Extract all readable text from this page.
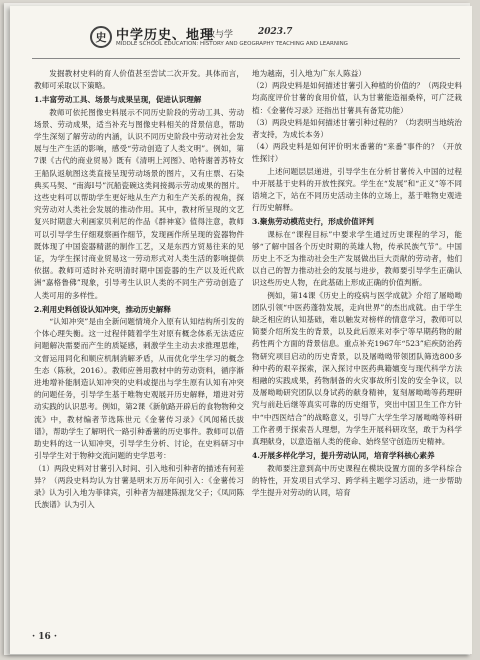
史 中学历史、地理
教与学	2023.7
MIDDLE SCHOOL EDUCATION: HISTORY AND GEOGRAPHY TEACHING AND LEARNING

发掘教材史料的育人价值甚至尝试二次开发。具体而言，教师可采取以下策略。

1.丰富劳动工具、场景与成果呈现，促进认识理解

教师可依托图像史料展示不同历史阶段的劳动工具、劳动场景、劳动成果，适当补充与图像史料相关的背景信息，帮助学生深刻了解劳动的内涵，认识不同历史阶段中劳动对社会发展与生产生活的影响，感受“劳动创造了人类文明”。例如，第7课《古代的商业贸易》既有《清明上河图》、哈特谢普苏特女王船队返航图这类直接呈现劳动场景的图片，又有庄票、石染典买马契、“南海Ⅰ号”沉船瓷碗这类间接揭示劳动成果的图片。这些史料可以帮助学生更好地从生产力和生产关系的视角，探究劳动对人类社会发展的推动作用。其中，教材所呈现的文艺复兴时期意大利画家贝利尼的作品《群神宴》值得注意，教师可以引导学生仔细观察画作细节，发现画作所呈现的瓷器物件既体现了中国瓷器精湛的制作工艺，又是东西方贸易往来的见证，为学生探讨商业贸易这一劳动形式对人类生活的影响提供依据。教师可适时补充明清时期中国瓷器的生产以及近代欧洲“嘉格鲁佛”现象，引导考生认识人类的不同生产劳动创造了人类可用的多样性。

2.利用史料创设认知冲突，推动历史解释

“认知冲突”是由全新问题情境介入原有认知结构所引发的个体心理失衡。这一过程伴随着学生对原有概念体系无法适应问题解决需要而产生的质疑感，刺激学生主动去求推理思维，文督运用同化和顺应机制消解矛盾，从而优化学生学习的概念生态（陈秋，2016）。教师应善用教材中的劳动资料，循序渐进地增补能制造认知冲突的史料或提出与学生原有认知有冲突的问题任务，引导学生基于唯物史观展开历史解释，增进对劳动实践的认识思考。例如，第2课《新航路开辟后的食物物种交流》中，教材编者节选陈世元《金薯传习录》《风闻稀氏拔谱》，帮助学生了解明代一路引种番薯的历史事件。教师可以借助史料的这一认知冲突，引导学生分析、讨论，在史料研习中引导学生对于物种交流问题的史学思考：

（1）两段史料对甘薯引入时间、引入地和引种者的描述有何差异？（两段史料均认为甘薯是明末万历年间引入：《金薯传习录》认为引入地为菲律宾，引种者为福建陈振龙父子；《凤同陈氏族谱》认为引入

地为越南，引入地为广东人陈益）

（2）两段史料是如何描述甘薯引入种植的价值的？（两段史料均高度评价甘薯的食用价值，认为甘薯能造福桑梓，可广泛栽植：《金薯传习录》还指出甘薯具有备荒功能）

（3）两段史料是如何描述甘薯引种过程的？（均表明当地统治者支持，为成长本务）

（4）两段史料是如何评价明末番薯的“来番”事件的？（开放性探讨）

上述问题层层递进，引导学生在分析甘薯传入中国的过程中开展基于史料的开放性探究。学生在“发展”和“正义”等不同语境之下，站在不同历史活动主体的立场上，基于唯物史观进行历史解释。

3.聚焦劳动模范史行，形成价值评判

课标在“课程目标”中要求学生通过历史课程的学习，能够“了解中国各个历史时期的英雄人物，传承民族气节”。中国历史上不乏为推动社会生产发展做出巨大贡献的劳动者，他们以自己的智力推动社会的发展与进步，教师要引导学生正确认识这些历史人物，在此基础上形成正确的价值判断。

例如，第14课《历史上的疫病与医学成就》介绍了屠呦呦团队引领“中医药蓬勃发展，走向世界”的杰出成就。由于学生缺乏相应的认知基础，难以触发对榜样的情意学习，教师可以简要介绍所发生的背景，以及此后原来对李宁等早期药物的耐药性两个方面的背景信息。重点补充1967年“523”疟疾防治药物研究项目启动的历史背景，以及屠呦呦带领团队筛选800多种中药的艰辛探索，深入探讨中医药典籍嬗变与现代科学方法相融的实践成果，药物制备的火灾事故所引发的安全争议，以及屠呦呦研究团队以身试药的献身精神，复刻屠呦呦等药理研究与前赴后继等真实可靠的历史细节，突出中国卫生工作方针中“中西医结合”的战略意义，引导广大学生学习屠呦呦等科研工作者勇于探索吾人理想，为学生开展科研攻坚，敢于为科学真理献身，以意造福人类的使命、始终坚守创造历史精神。

4.开展多样化学习，提升劳动认同，培育学科核心素养

教师要注意到高中历史课程在模块设置方面的多学科综合的特性，开发项目式学习、跨学科主题学习活动，进一步帮助学生提升对劳动的认同，培育

· 16 ·
